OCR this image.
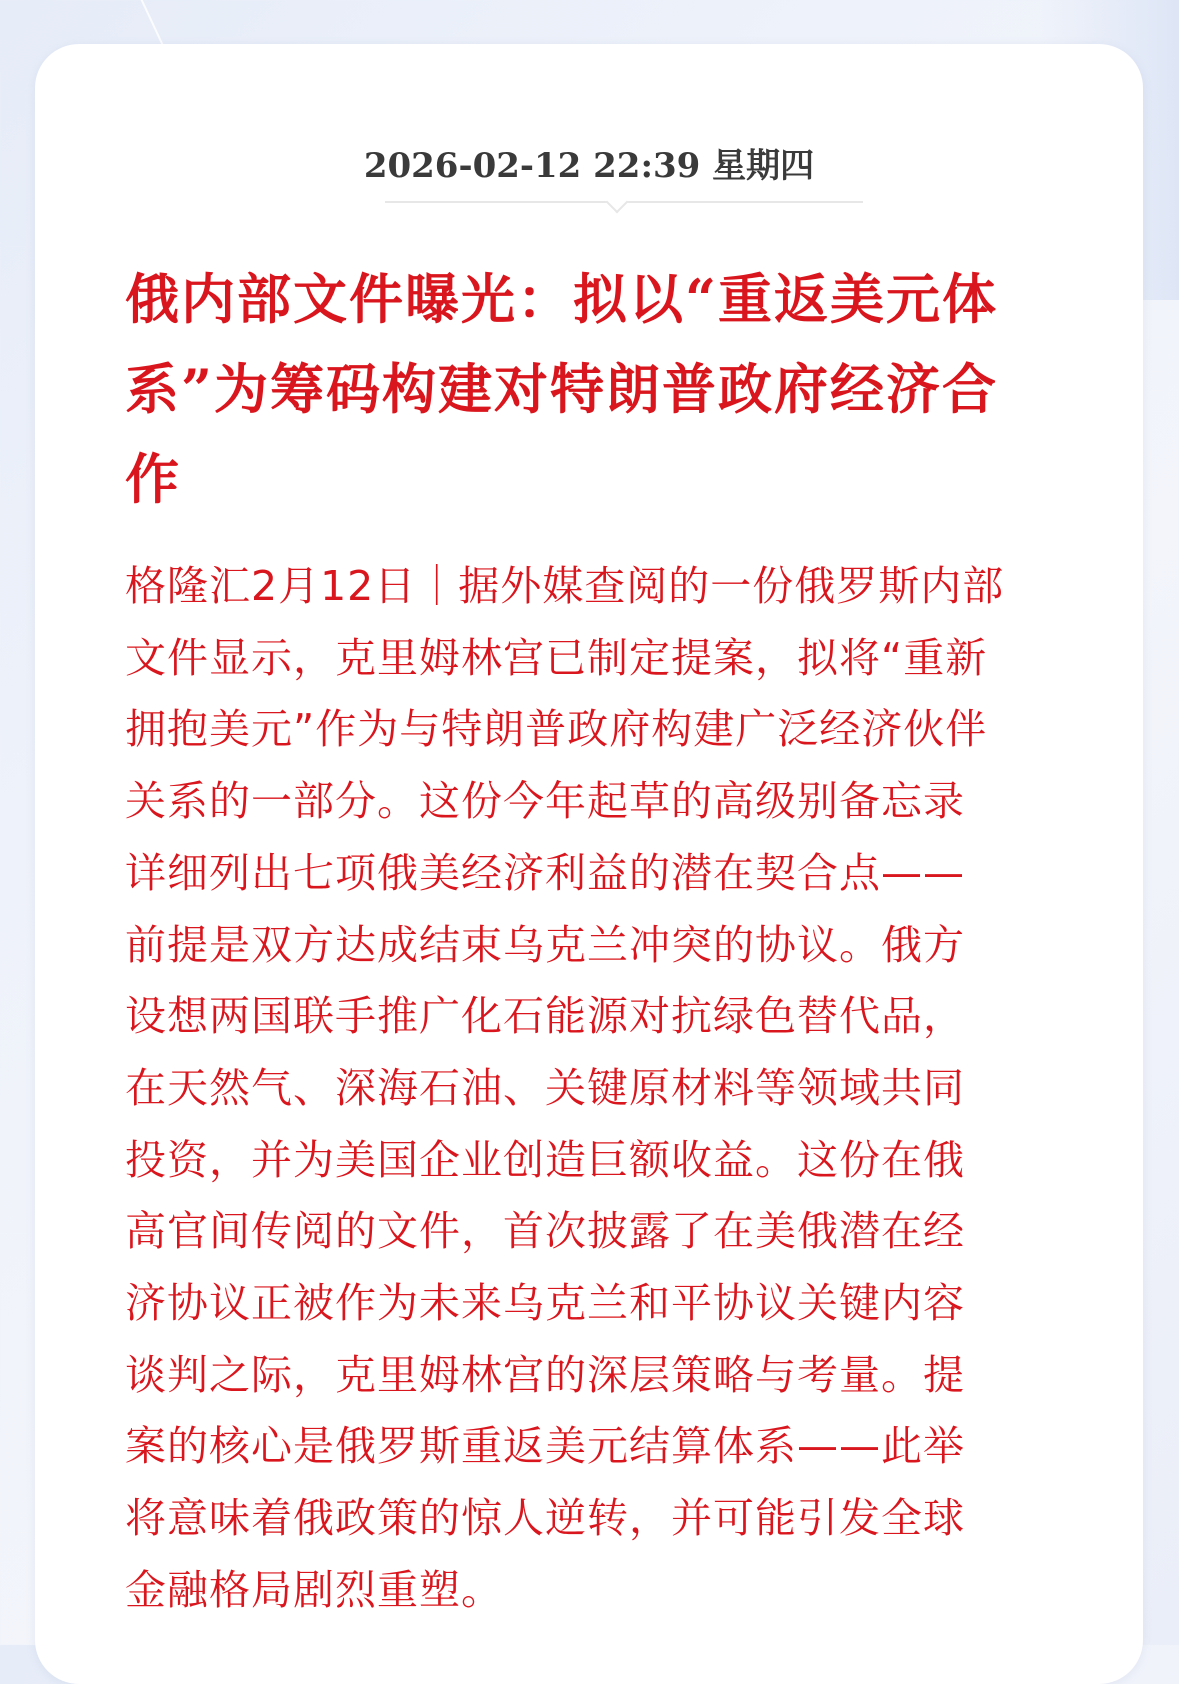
2026-02-12 22:39 星期四
俄内部文件曝光：拟以“重返美元体
系”为筹码构建对特朗普政府经济合
作
格隆汇2月12日｜据外媒查阅的一份俄罗斯内部
文件显示，克里姆林宫已制定提案，拟将“重新
拥抱美元”作为与特朗普政府构建广泛经济伙伴
关系的一部分。这份今年起草的高级别备忘录
详细列出七项俄美经济利益的潜在契合点——
前提是双方达成结束乌克兰冲突的协议。俄方
设想两国联手推广化石能源对抗绿色替代品，
在天然气、深海石油、关键原材料等领域共同
投资，并为美国企业创造巨额收益。这份在俄
高官间传阅的文件，首次披露了在美俄潜在经
济协议正被作为未来乌克兰和平协议关键内容
谈判之际，克里姆林宫的深层策略与考量。提
案的核心是俄罗斯重返美元结算体系——此举
将意味着俄政策的惊人逆转，并可能引发全球
金融格局剧烈重塑。
